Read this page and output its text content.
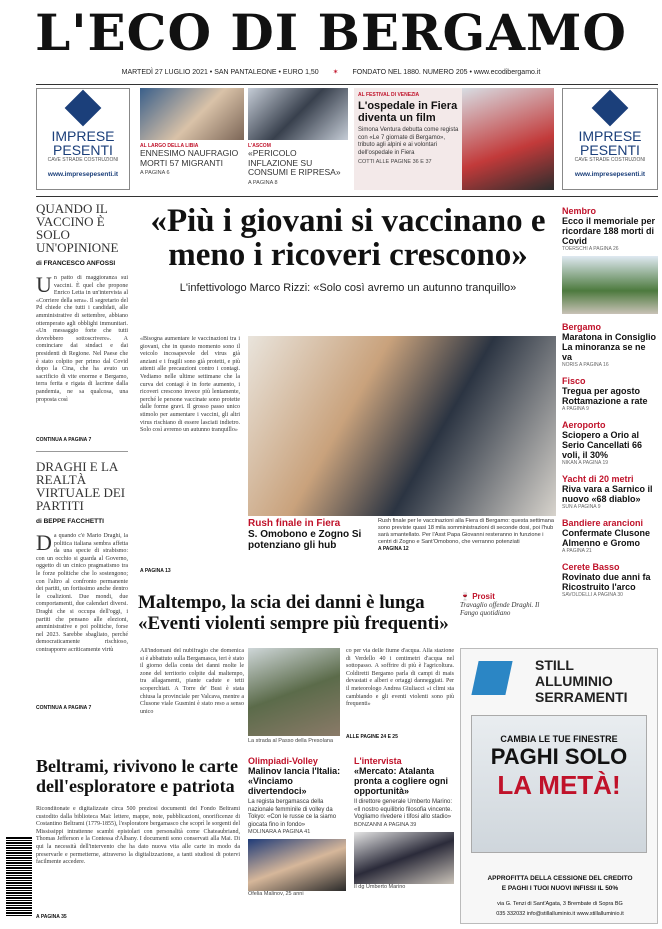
L'ECO DI BERGAMO
MARTEDÌ 27 LUGLIO 2021 • SAN PANTALEONE • EURO 1,50 ✶ FONDATO NEL 1880. NUMERO 205 • www.ecodibergamo.it
IMPRESE
PESENTI
CAVE STRADE COSTRUZIONI
www.impresepesenti.it
AL LARGO DELLA LIBIA
ENNESIMO NAUFRAGIO MORTI 57 MIGRANTI
A PAGINA 6
L'ASCOM
«PERICOLO INFLAZIONE SU CONSUMI E RIPRESA»
A PAGINA 8
AL FESTIVAL DI VENEZIA
L'ospedale in Fiera diventa un film
Simona Ventura debutta come regista con «Le 7 giornate di Bergamo», tributo agli alpini e ai volontari dell'ospedale in Fiera
COTTI ALLE PAGINE 36 E 37
IMPRESE
PESENTI
CAVE STRADE COSTRUZIONI
www.impresepesenti.it
QUANDO IL VACCINO È SOLO UN'OPINIONE
di FRANCESCO ANFOSSI
Un patto di maggioranza sui vaccini. È quel che propone Enrico Letta in un'intervista al «Corriere della sera». Il segretario del Pd chiede che tutti i candidati, alle amministrative di settembre, abbiano ottemperato agli obblighi immunitari. «Un messaggio forte che tutti dovrebbero sottoscrivere». A cominciare dai sindaci e dai presidenti di Regione. Nel Paese che è stato colpito per primo dal Covid dopo la Cina, che ha avuto un sacrificio di vite enorme e Bergamo, terra ferita e rigata di lacrime dalla pandemia, ne sa qualcosa, una proposta così
CONTINUA A PAGINA 7
DRAGHI E LA REALTÀ VIRTUALE DEI PARTITI
di BEPPE FACCHETTI
Da quando c'è Mario Draghi, la politica italiana sembra affetta da una specie di strabismo: con un occhio si guarda al Governo, oggetto di un cinico pragmatismo tra le forze politiche che lo sostengono; con l'altro al confronto permanente dei partiti, un fortissimo anche dentro le coalizioni. Due mondi, due comportamenti, due calendari diversi. Draghi che si occupa dell'oggi, i partiti che pensano alle elezioni, amministrative e poi politiche, forse nel 2023. Sarebbe sbagliato, perché democraticamente rischioso, contrapporre acriticamente virtù
CONTINUA A PAGINA 7
«Più i giovani si vaccinano e meno i ricoveri crescono»
L'infettivologo Marco Rizzi: «Solo così avremo un autunno tranquillo»
«Bisogna aumentare le vaccinazioni tra i giovani, che in questo momento sono il veicolo incosapevole del virus già anziani e i fragili sono già protetti, e più attenti alle precauzioni contro i contagi. Vediamo nelle ultime settimane che la curva dei contagi è in forte aumento, i ricoveri crescono invece più lentamente, perché le persone vaccinate sono protette dalle forme gravi. Il grosso passo unico stimolo per aumentare i vaccini, gli altri virus rischiano di essere lasciati indietro. Solo così avremo un autunno tranquillo»
Rush finale in Fiera
S. Omobono e Zogno Si potenziano gli hub
Rush finale per le vaccinazioni alla Fiera di Bergamo: questa settimana sono previste quasi 18 mila somministrazioni di seconde dosi, poi l'hub sarà smantellato. Per l'Asst Papa Giovanni resteranno in funzione i centri di Zogno e Sant'Omobono, che verranno potenziati
A PAGINA 12
A PAGINA 13
Nembro
Ecco il memoriale per ricordare 188 morti di Covid
TOERSCHI A PAGINA 26
Bergamo
Maratona in Consiglio La minoranza se ne va
NORIS A PAGINA 16
Fisco
Tregua per agosto Rottamazione a rate
A PAGINA 9
Aeroporto
Sciopero a Orio al Serio Cancellati 66 voli, il 30%
NIKAN A PAGINA 19
Yacht di 20 metri
Riva vara a Sarnico il nuovo «68 diablo»
SUN A PAGINA 9
Bandiere arancioni
Confermate Clusone Almenno e Gromo
A PAGINA 21
Cerete Basso
Rovinato due anni fa Ricostruito l'arco
SAVOLDELLI A PAGINA 30
Maltempo, la scia dei danni è lunga «Eventi violenti sempre più frequenti»
All'indomani del nubifragio che domenica si è abbattuto sulla Bergamasca, ieri è stato il giorno della conta dei danni molte le zone del territorio colpite dal maltempo, tra allagamenti, piante cadute e tetti scoperchiati. A Torre de' Busi è stata chiusa la provinciale per Valcava, mentre a Clusone viale Gusmini è stato reso a senso unico
La strada al Passo della Presolana
co per via delle fiume d'acqua. Alla stazione di Verdello 40 i centimetri d'acqua nel sottopasso. A soffrire di più è l'agricoltura. Coldiretti Bergamo parla di campi di mais devastati e alberi e ortaggi danneggiati. Per il meteorologo Andrea Giuliacci «i climi sta cambiando e gli eventi violenti sono più frequenti»
ALLE PAGINE 24 E 25
🍷 Prosit
Travaglio offende Draghi. Il Fango quotidiano
STILL
ALLUMINIO
SERRAMENTI
CAMBIA LE TUE FINESTRE
PAGHI SOLO
LA METÀ!
APPROFITTA DELLA CESSIONE DEL CREDITO
E PAGHI I TUOI NUOVI INFISSI IL 50%
via G. Tenzi di Sant'Agata, 3 Brembate di Sopra BG
035 332032 info@stillalluminio.it www.stillalluminio.it
Beltrami, rivivono le carte dell'esploratore e patriota
Riconditonate e digitalizzate circa 500 preziosi documenti del Fondo Beltrami custodito dalla biblioteca Mai: lettere, mappe, note, pubblicazioni, onorificenze di Costantino Beltrami (1779-1855), l'esploratore bergamasco che scoprì le sorgenti del Mississippi intrattenne scambi epistolari con personalità come Chateaubriand, Thomas Jefferson e la Contessa d'Albany. I documenti sono conservati alla Mai. Di qui la necessità dell'intervento che ha dato nuova vita alle carte in modo da preservarle e permetterne, attraverso la digitalizzazione, a tanti studiosi di potervi facilmente accedere.
A PAGINA 35
Olimpiadi-Volley
Malinov lancia l'Italia: «Vinciamo divertendoci»
La regista bergamasca della nazionale femminile di volley da Tokyo: «Con le russe ce la siamo giocata fino in fondo»
MOLINARA A PAGINA 41
Ofelia Malinov, 25 anni
L'intervista
«Mercato: Atalanta pronta a cogliere ogni opportunità»
Il direttore generale Umberto Marino: «Il nostro equilibrio filosofia vincente. Vogliamo rivedere i tifosi allo stadio»
BONZANNI A PAGINA 39
Il dg Umberto Marino
